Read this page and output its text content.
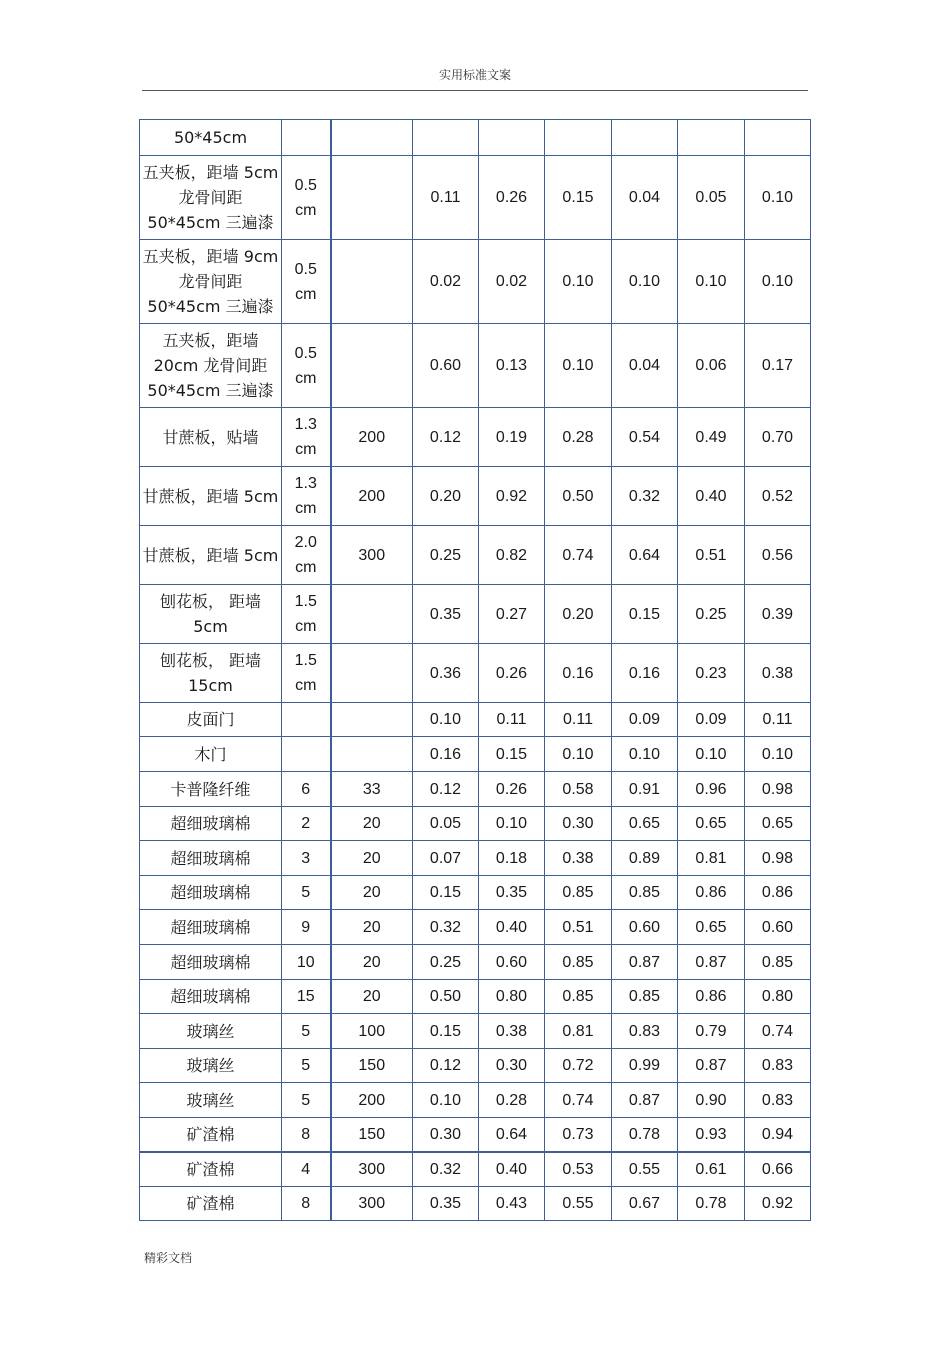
实用标准文案
50*45cm								
五夹板，距墙 5cm 龙骨间距 50*45cm 三遍漆	0.5 cm		0.11	0.26	0.15	0.04	0.05	0.10
五夹板，距墙 9cm 龙骨间距 50*45cm 三遍漆	0.5 cm		0.02	0.02	0.10	0.10	0.10	0.10
五夹板，距墙 20cm 龙骨间距 50*45cm 三遍漆	0.5 cm		0.60	0.13	0.10	0.04	0.06	0.17
甘蔗板，贴墙	1.3 cm	200	0.12	0.19	0.28	0.54	0.49	0.70
甘蔗板，距墙 5cm	1.3 cm	200	0.20	0.92	0.50	0.32	0.40	0.52
甘蔗板，距墙 5cm	2.0 cm	300	0.25	0.82	0.74	0.64	0.51	0.56
刨花板， 距墙 5cm	1.5 cm		0.35	0.27	0.20	0.15	0.25	0.39
刨花板， 距墙 15cm	1.5 cm		0.36	0.26	0.16	0.16	0.23	0.38
皮面门			0.10	0.11	0.11	0.09	0.09	0.11
木门			0.16	0.15	0.10	0.10	0.10	0.10
卡普隆纤维	6	33	0.12	0.26	0.58	0.91	0.96	0.98
超细玻璃棉	2	20	0.05	0.10	0.30	0.65	0.65	0.65
超细玻璃棉	3	20	0.07	0.18	0.38	0.89	0.81	0.98
超细玻璃棉	5	20	0.15	0.35	0.85	0.85	0.86	0.86
超细玻璃棉	9	20	0.32	0.40	0.51	0.60	0.65	0.60
超细玻璃棉	10	20	0.25	0.60	0.85	0.87	0.87	0.85
超细玻璃棉	15	20	0.50	0.80	0.85	0.85	0.86	0.80
玻璃丝	5	100	0.15	0.38	0.81	0.83	0.79	0.74
玻璃丝	5	150	0.12	0.30	0.72	0.99	0.87	0.83
玻璃丝	5	200	0.10	0.28	0.74	0.87	0.90	0.83
矿渣棉	8	150	0.30	0.64	0.73	0.78	0.93	0.94
矿渣棉	4	300	0.32	0.40	0.53	0.55	0.61	0.66
矿渣棉	8	300	0.35	0.43	0.55	0.67	0.78	0.92
精彩文档
